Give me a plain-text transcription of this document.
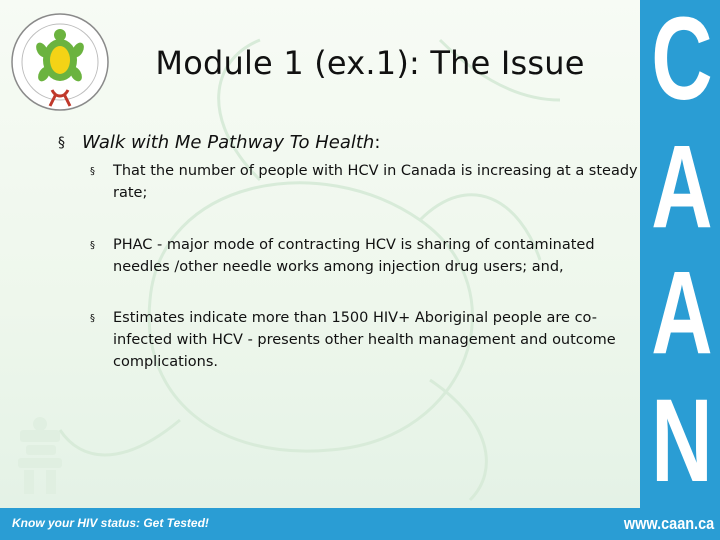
Module 1 (ex.1): The Issue
§ Walk with Me Pathway To Health:
§ That the number of people with HCV in Canada is increasing at a steady rate;
§ PHAC - major mode of contracting HCV is sharing of contaminated needles /other needle works among injection drug users; and,
§ Estimates indicate more than 1500 HIV+ Aboriginal people are co-infected with HCV - presents other health management and outcome complications.
C
A
A
N
Know your HIV status: Get Tested!	www.caan.ca
